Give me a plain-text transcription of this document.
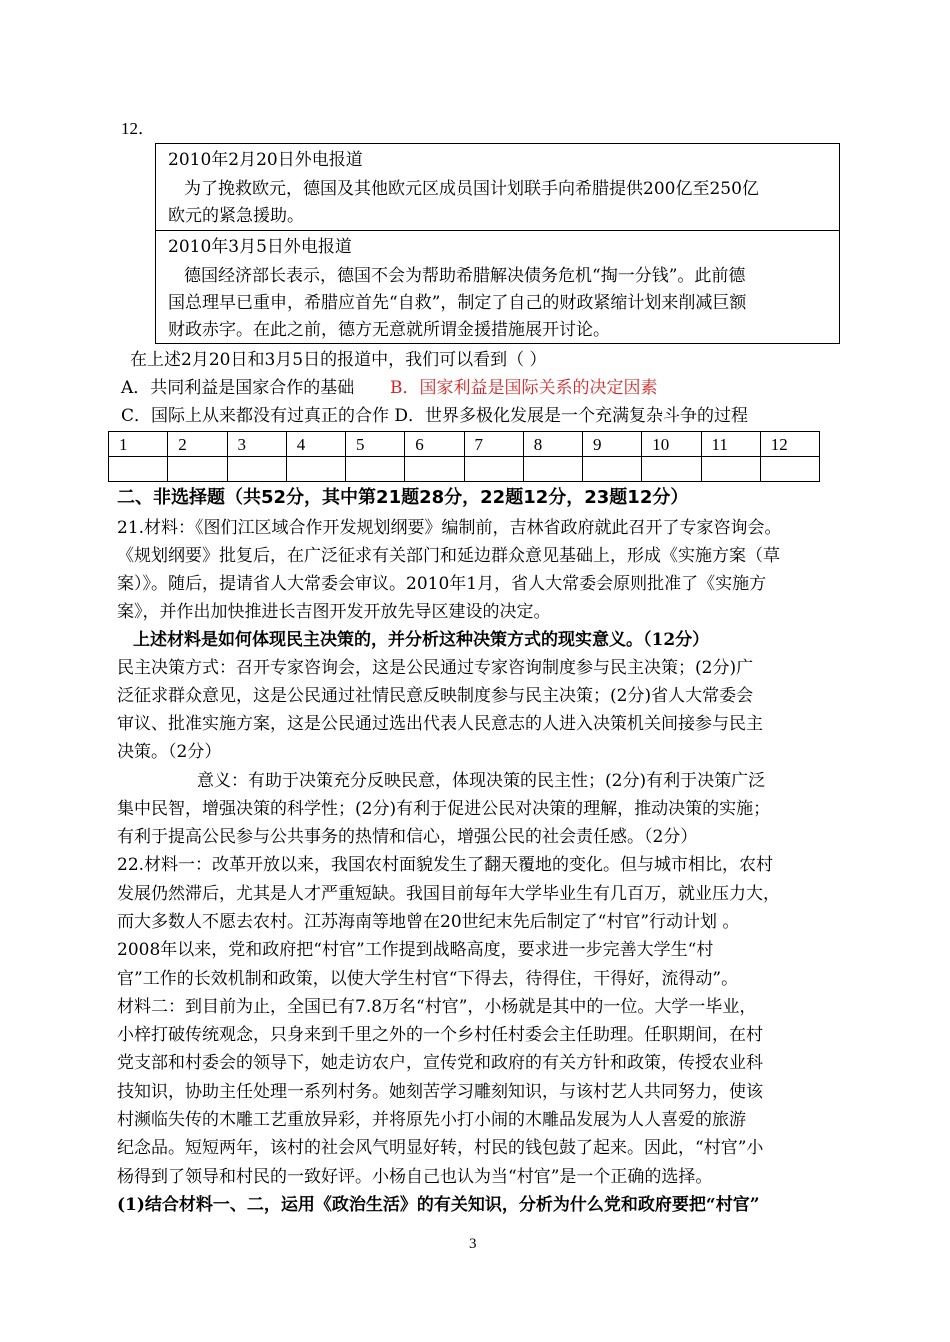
12．
2010年2月20日外电报道
为了挽救欧元，德国及其他欧元区成员国计划联手向希腊提供200亿至250亿
欧元的紧急援助。
2010年3月5日外电报道
德国经济部长表示，德国不会为帮助希腊解决债务危机“掏一分钱”。此前德
国总理早已重申，希腊应首先“自救”，制定了自己的财政紧缩计划来削减巨额
财政赤字。在此之前，德方无意就所谓金援措施展开讨论。
在上述2月20日和3月5日的报道中，我们可以看到（ ）
A．共同利益是国家合作的基础 B．国家利益是国际关系的决定因素
C．国际上从来都没有过真正的合作 D．世界多极化发展是一个充满复杂斗争的过程
1	2	3	4	5	6	7	8	9	10	11	12

二、非选择题（共52分，其中第21题28分，22题12分，23题12分）
21.材料：《图们江区域合作开发规划纲要》编制前，吉林省政府就此召开了专家咨询会。
《规划纲要》批复后，在广泛征求有关部门和延边群众意见基础上，形成《实施方案（草
案）》。随后，提请省人大常委会审议。2010年1月，省人大常委会原则批准了《实施方
案》，并作出加快推进长吉图开发开放先导区建设的决定。
上述材料是如何体现民主决策的，并分析这种决策方式的现实意义。（12分）
民主决策方式：召开专家咨询会，这是公民通过专家咨询制度参与民主决策；(2分)广
泛征求群众意见，这是公民通过社情民意反映制度参与民主决策；(2分)省人大常委会
审议、批准实施方案，这是公民通过选出代表人民意志的人进入决策机关间接参与民主
决策。（2分）
意义：有助于决策充分反映民意，体现决策的民主性；(2分)有利于决策广泛
集中民智，增强决策的科学性；(2分)有利于促进公民对决策的理解，推动决策的实施；
有利于提高公民参与公共事务的热情和信心，增强公民的社会责任感。（2分）
22.材料一：改革开放以来，我国农村面貌发生了翻天覆地的变化。但与城市相比，农村
发展仍然滞后，尤其是人才严重短缺。我国目前每年大学毕业生有几百万，就业压力大，
而大多数人不愿去农村。江苏海南等地曾在20世纪末先后制定了“村官”行动计划 。
2008年以来，党和政府把“村官”工作提到战略高度，要求进一步完善大学生“村
官”工作的长效机制和政策，以使大学生村官“下得去，待得住，干得好，流得动”。
材料二：到目前为止，全国已有7.8万名“村官”，小杨就是其中的一位。大学一毕业，
小梓打破传统观念，只身来到千里之外的一个乡村任村委会主任助理。任职期间，在村
党支部和村委会的领导下，她走访农户，宣传党和政府的有关方针和政策，传授农业科
技知识，协助主任处理一系列村务。她刻苦学习雕刻知识，与该村艺人共同努力，使该
村濒临失传的木雕工艺重放异彩，并将原先小打小闹的木雕品发展为人人喜爱的旅游
纪念品。短短两年，该村的社会风气明显好转，村民的钱包鼓了起来。因此，“村官”小
杨得到了领导和村民的一致好评。小杨自己也认为当“村官”是一个正确的选择。
(1)结合材料一、二，运用《政治生活》的有关知识，分析为什么党和政府要把“村官”
3
